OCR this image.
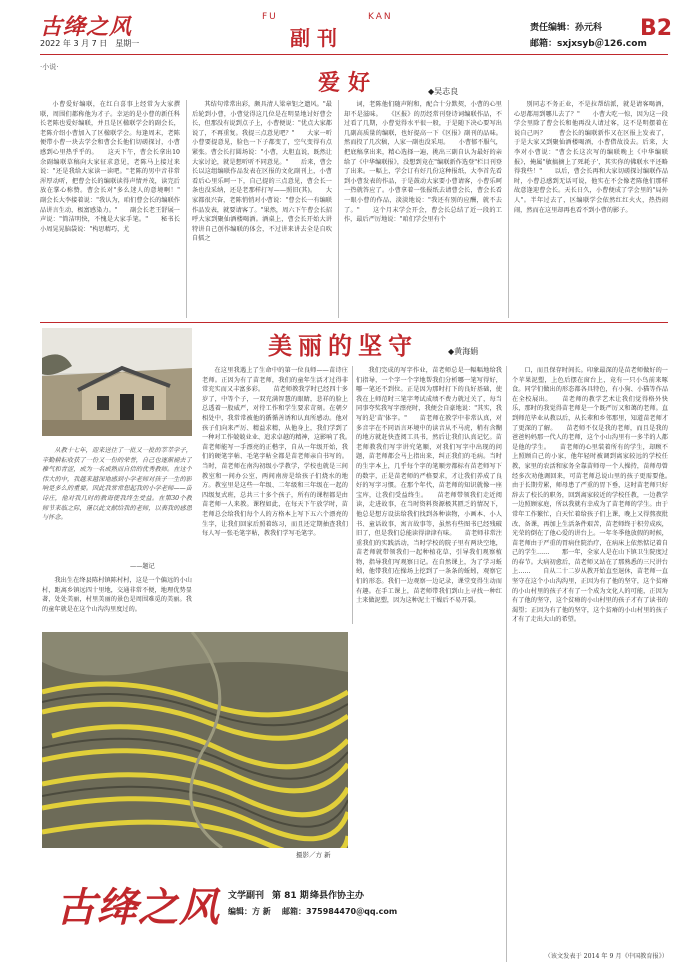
古绛之风
2022 年 3 月 7 日　星期一
FU	KAN
副 刊	责任编辑：孙元科
邮箱：sxjxsyb＠126.com
B2
·小说·
爱好	◆吴志良

小曹爱好编联，在红白喜事上经常为大家撰联，周围们都称他为才子。幸运的是小曹的新任科长老陈也爱好编联，并且是区楹联学会的副会长，老陈介绍小曹加入了区楹联学会。每逢周末，老陈便带小曹一块去学会和曹会长他们切磋探讨，小曹感到心里热乎乎的。　　这天下午，曹会长拿出10余副编联草稿向大家征求意见，老陈马上接过来说："还是我给大家读一读吧。"老陈的男中音非常浑厚动听，把曹会长的编联读得声情并茂，读完后放在掌心称赞。曹会长对"多么迷人的意境啊！"　　副会长大李接着说："我认为，咱们曹会长的编联作品讲言生动，极富感染力。"　　副会长老王舒展一声说："简洁明快，不愧是大家手笔。"　　秘书长小周晃晃脑袋说："构思精巧，尤

其结句常常出彩，颇具清人梁章钜之遗风。"最后轮到小曹，小曹觉得这几位是在明显地讨好曹会长，但那没有说到点子上，小曹便说："优点大家都说了，不再重复。我提三点意见吧？"　　大家一听小曹要提意见，脸色一下子都变了，空气变得有点紧张。曹会长打圆场说："小曹，大胆直说，既然让大家讨论，就是想听听不同意见。"　　后来，曹会长以这组编联作品发表在区报的文化副刊上，小曹看后心里乐呵一下，自己提的三点意见，曹会长一条也没采纳，还是老那样打写——照旧(其)。　　大家都很兴奋，老陈悄悄对小曹说："曹会长一有编联作品发表，就要请客了。"果然，周六下午曹会长招呼大家到聚仙酒楼喝酒。酒桌上，曹会长开始大讲特讲自己创作编联的体会，不过讲来讲去全是自吹自擂之

词，老陈他们随声附和，配合十分默契，小曹的心里却不是滋味。　　《区报》的历经常刊登诗词编联作品，不过看了几期，小曹觉得水平很一般，于是随下决心要写出几副高质量的编联，也好提高一下《区报》副刊的品味。然而投了几次稿，人家一副也没采用。　　小曹郁不服气，把底稿拿出来，精心选择一遍，挑出三副自认为最好的亲给了《中华编联报》，没想到竟在"编联新作选登"栏目刊登了出来。一幅上，学会订有好几份这种报纸，大李首先看到小曹发表的作品，于是鼓动大家要小曹请客，小曹乐呵一热就答应了。小曹拿着一张报纸去请曹会长，曹会长看一眼小曹的作品，淡淡地说："我还有别的应酬，就不去了。"　　这个月末学会开会，曹会长总结了近一段的工作，最后严厉地说："咱们学会里有个

别同志不务正业，不是拉帮结派，就是请客喝酒，心思都用到哪儿去了？"　　小曹大吃一惊，因为这一段学会里除了曹会长和他再没人请过客，这不是明摆着在说自己吗？　　曹会长的编联新作又在区报上发表了，于是大家又到聚仙酒楼喝酒，小曹借故没去。后来，大李对小曹说："曹会长这次写的编联晚上《中华编联报》，掩属"敏搞摘上了死耗子'，其实你的佛联水平还略得我些！"　　以后，曹会长再和大家切磋探讨编联作品时，小曹总感到无话可说，他实在不会像老陈他们那样故意逢迎曹会长。天长日久，小曹便成了学会里的"局外人"。半年过去了，区编联学会依然红红火火，热热闹闹，然而在这里却再也看不到小曹的影子。

美丽的坚守	◆黄海娟

从教十七年，迎来送往了一批又一批的莘莘学子，辛勤耕耘收获了一份又一份的荣誉，自己也逐渐褪去了稚气和青涩，成为一名成熟而自信的优秀教师。在这个伟大的中，我越来越深地感到小学老师对孩子一生的影响是多么的重要。因此我常常想起我的小学老师——苗诗庄，他对我几时的教诲使我终生受益。在第30个教师节来临之际，谨以此文献给我的老师，以表我的感恩与怀念。

——题记

我出生在绛县陈村镇陈村村，这是一个偏远的小山村，距离乡镇远四十里地，交通非常不便，地理优势显著，处处美丽，村里美丽的景色是周围难觅的美丽。我的童年就是在这个山沟沟里度过的。

在这里我遇上了生命中的第一位良师——苗诗庄老师。正因为有了苗老师，我们的童年生活才过得非常充实而又丰富多彩。　　苗老师教我学时已经四十多岁了，中等个子，一双充满智慧的眼睛，悲祥的脸上总透着一股威严，对待工作和学生要求苛刻。在朝夕相处中，我常常被他的循循善诱和认真所感动。他对孩子们向来严厉、精益求精，从他身上，我们学到了一种对工作兢兢业业、追求卓越的精神，这影响了我。　　苗老师能写一手漂亮的正楷字，自从一年级开始，我们的硬笔字帖、毛笔字帖全都是苗老师亲自书写的。当时，苗老师在南沟初级小学教学，学校也就是三间教室和一间办公室，两间南房是给孩子们烧水的地方。教室里是这些一年级、二年级和三年级在一起的四级复式班，总共三十多个孩子，所有的课程都是由苗老师一人来教。课程如此，在每天下午放学时，苗老师总会给我们每个人的方格本上写下五六个漂亮的生字，让我们回家后照着练习，而且还定期抽查我们每人写一张毛笔字帖，教我们学写毛笔字。

我们完成的写字作业，苗老师总是一幅幅地给我们指导，一个字一个字地帮我们分析哪一笔写得好，哪一笔还不到位。正是因为那时打下的良好基础，使我在上师范时三笔字考试成绩不费力就过关了，每当同事夸奖我写字漂亮时，我便会自豪地说："其实，我写的是'苗'体字。"　　苗老师在教学中非常认真，对多音字在不同语言环境中的读音从不马虎，稍有含糊的地方就赶快查阅工具书，然后让我们认真记忆。苗老师教我们写字讲究笔顺，对我们写字中出现的问题，苗老师都会马上指出来，纠正我们的毛病。当时的生字本上，几乎每个字的笔顺旁都标有苗老师写下的数字，正是苗老师的严格要求，才让我们养成了良好的写字习惯。在那个年代，苗老师的知识就像一座宝库，让我们受益终生。　　苗老师带领我们走近阅读，走进故事，在当时资料资源极其匮乏的情况下，他总是想方设法给我们找到各种读物，小画本、小人书、童话故事，寓言故事等，虽然有些图书已经残破旧了，但是我们总能读得津津有味。　　苗老师非常注重我们的实践活动，当时学校的院子里有两块空地，苗老师就带领我们一起种植花草，引导我们观察植物，指导我们写观察日记。在自然课上，为了学习蚯蚓，他带我们在操场上挖到了一条条的蚯蚓，观察它们的形态。我们一边观察一边记录，课堂变得生动而有趣。在手工课上，苗老师带我们到山上寻找一种红土来做泥塑，因为这种泥土干燥后不易开裂。

口，而且保存时间长。印象最深的是苗老师做好的一个苹果泥塑，上色后摆在窗台上，竟有一只小鸟前来啄食。同学们做出的形态都各具特色，有小狗、小猫等作品在全校展出。　　苗老师的教学艺术让我们觉得格外快乐，那时的我觉得苗老师是一个既严厉又和蔼的老师。直到师范毕业从教以后，从长辈和乡邻那里，知道苗老师才了更深的了解。　　苗老师不仅是我的老师，而且是我的爸爸妈妈那一代人的老师，这个小山沟里有一多半的人都是他的学生。　　苗老师的心里装着所有的学生，却顾不上照顾自己的小家，他年轻时被调到离家较远的学校任教，家里的农活和家务全靠苗师母一个人操持，苗师母曾经多次劝他调回来，可苗老师总说山里的孩子更需要他。　　由于长期劳累，师母患了严重的胃下垂，这时苗老师只好辞去了校长的职务，回到离家较近的学校任教，一边教学一边照顾家庭，所以我就有幸成为了苗老师的学生。由于常年工作繁忙，白天忙着给孩子们上课，晚上又得熬夜批改、备课，再加上生活条件艰苦，苗老师终于积劳成疾，光荣的倒在了他心爱的讲台上。一年冬季他放假的时候，苗老师由于严重的胃病住院治疗，在病床上依然惦记着自己的学生……　　那一年，全家人是在山下镇卫生院度过的春节。大病初愈后，苗老师又站在了那熟悉的三尺讲台上……　　自从二十二岁从教开始直至退休，苗老师一直坚守在这个小山沟沟里，正因为有了他的坚守，这个贫瘠的小山村里的孩子才有了一个成为文化人的可能，正因为有了他的坚守，这个贫瘠的小山村里的孩子才有了读书的渴望；正因为有了他的坚守，这个贫瘠的小山村里的孩子才有了走出大山的希望。

（该文发表于 2014 年 9 月《中国教育报》）
摄影／方 新
古绛之风 文学副刊 第 81 期 绛县作协主办
编辑：方 新 邮箱：375984470＠qq.com
